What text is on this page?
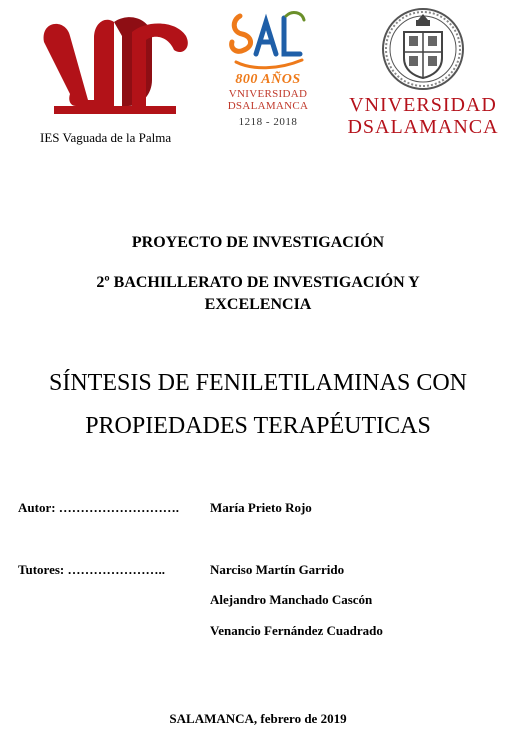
IES Vaguada de la Palma
800 AÑOS
VNIVERSIDAD
DSALAMANCA
1218 - 2018
VNIVERSIDAD
DSALAMANCA
PROYECTO DE INVESTIGACIÓN
2º BACHILLERATO DE INVESTIGACIÓN Y EXCELENCIA
SÍNTESIS DE FENILETILAMINAS CON PROPIEDADES TERAPÉUTICAS
Autor: ……………………….	María Prieto Rojo
Tutores: …………………..	Narciso Martín Garrido
Alejandro Manchado Cascón
Venancio Fernández Cuadrado
SALAMANCA, febrero de 2019
